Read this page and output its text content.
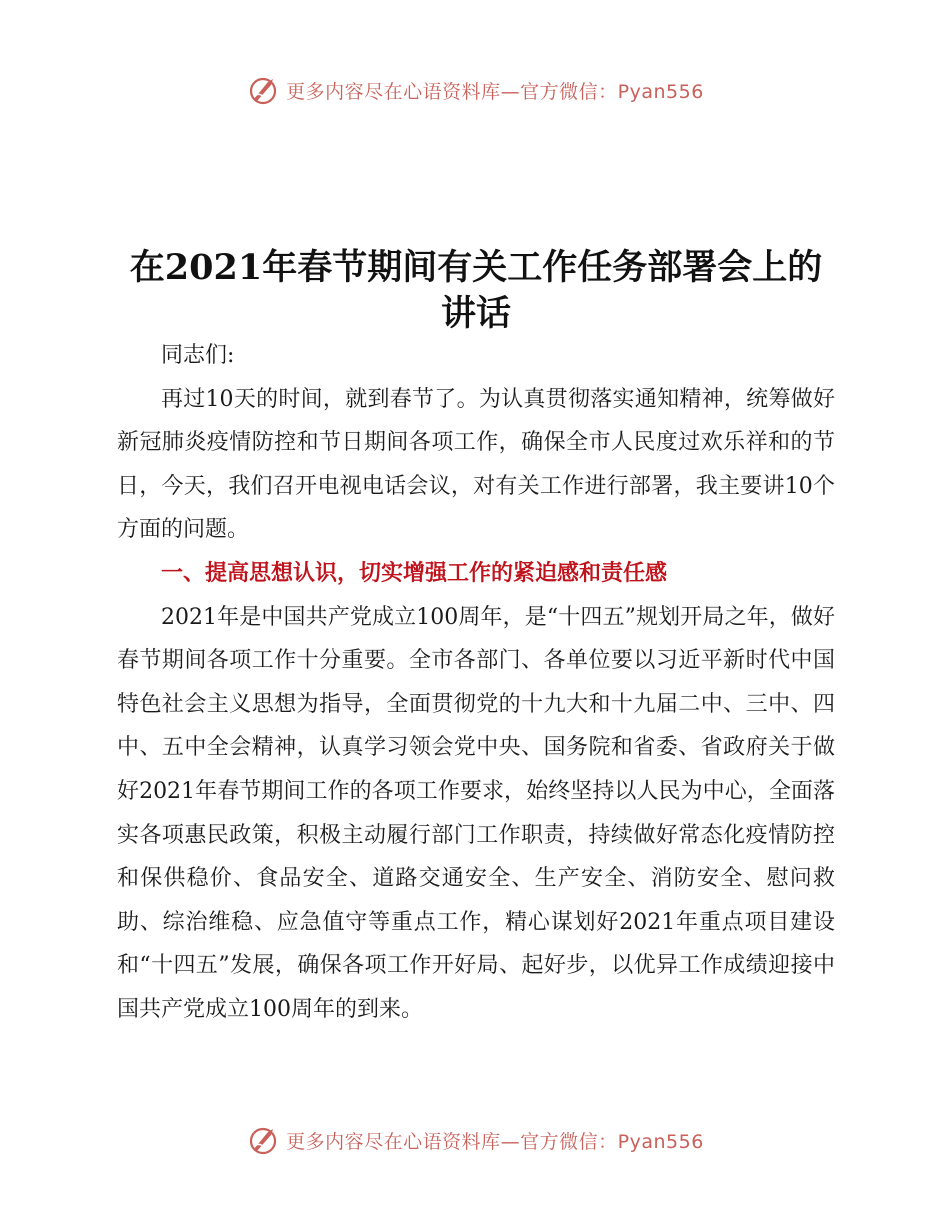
更多内容尽在心语资料库—官方微信：Pyan556
在2021年春节期间有关工作任务部署会上的讲话

同志们:

再过10天的时间，就到春节了。为认真贯彻落实通知精神，统筹做好新冠肺炎疫情防控和节日期间各项工作，确保全市人民度过欢乐祥和的节日，今天，我们召开电视电话会议，对有关工作进行部署，我主要讲10个方面的问题。

一、提高思想认识，切实增强工作的紧迫感和责任感

2021年是中国共产党成立100周年，是“十四五”规划开局之年，做好春节期间各项工作十分重要。全市各部门、各单位要以习近平新时代中国特色社会主义思想为指导，全面贯彻党的十九大和十九届二中、三中、四中、五中全会精神，认真学习领会党中央、国务院和省委、省政府关于做好2021年春节期间工作的各项工作要求，始终坚持以人民为中心，全面落实各项惠民政策，积极主动履行部门工作职责，持续做好常态化疫情防控和保供稳价、食品安全、道路交通安全、生产安全、消防安全、慰问救助、综治维稳、应急值守等重点工作，精心谋划好2021年重点项目建设和“十四五”发展，确保各项工作开好局、起好步，以优异工作成绩迎接中国共产党成立100周年的到来。

更多内容尽在心语资料库—官方微信：Pyan556
